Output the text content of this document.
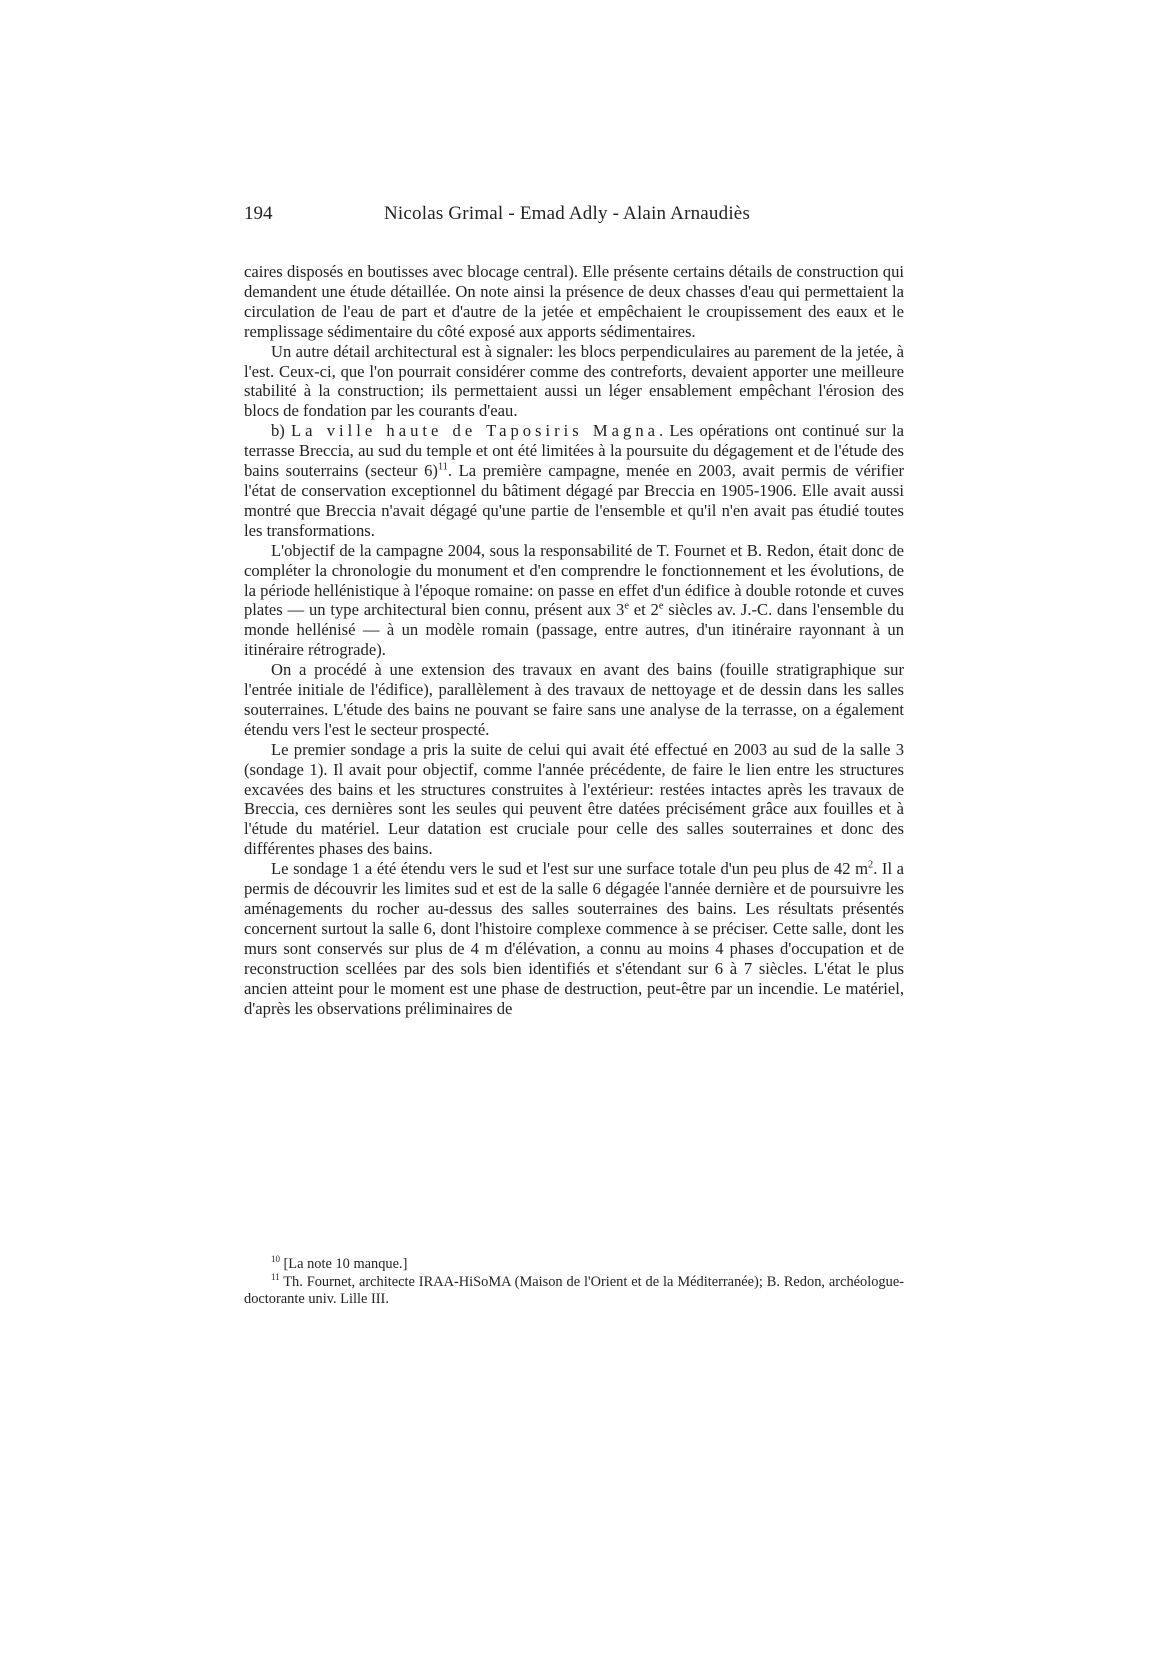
194	Nicolas Grimal - Emad Adly - Alain Arnaudiès

caires disposés en boutisses avec blocage central). Elle présente certains détails de construction qui demandent une étude détaillée. On note ainsi la présence de deux chasses d'eau qui permettaient la circulation de l'eau de part et d'autre de la jetée et empêchaient le croupissement des eaux et le remplissage sédimentaire du côté exposé aux apports sédimentaires.

Un autre détail architectural est à signaler: les blocs perpendiculaires au parement de la jetée, à l'est. Ceux-ci, que l'on pourrait considérer comme des contreforts, devaient apporter une meilleure stabilité à la construction; ils permettaient aussi un léger ensablement empêchant l'érosion des blocs de fondation par les courants d'eau.

b) La ville haute de Taposiris Magna. Les opérations ont continué sur la terrasse Breccia, au sud du temple et ont été limitées à la poursuite du dégagement et de l'étude des bains souterrains (secteur 6)$^{11}$. La première campagne, menée en 2003, avait permis de vérifier l'état de conservation exceptionnel du bâtiment dégagé par Breccia en 1905-1906. Elle avait aussi montré que Breccia n'avait dégagé qu'une partie de l'ensemble et qu'il n'en avait pas étudié toutes les transformations.

L'objectif de la campagne 2004, sous la responsabilité de T. Fournet et B. Redon, était donc de compléter la chronologie du monument et d'en comprendre le fonctionnement et les évolutions, de la période hellénistique à l'époque romaine: on passe en effet d'un édifice à double rotonde et cuves plates — un type architectural bien connu, présent aux 3e et 2e siècles av. J.-C. dans l'ensemble du monde hellénisé — à un modèle romain (passage, entre autres, d'un itinéraire rayonnant à un itinéraire rétrograde).

On a procédé à une extension des travaux en avant des bains (fouille stratigraphique sur l'entrée initiale de l'édifice), parallèlement à des travaux de nettoyage et de dessin dans les salles souterraines. L'étude des bains ne pouvant se faire sans une analyse de la terrasse, on a également étendu vers l'est le secteur prospecté.

Le premier sondage a pris la suite de celui qui avait été effectué en 2003 au sud de la salle 3 (sondage 1). Il avait pour objectif, comme l'année précédente, de faire le lien entre les structures excavées des bains et les structures construites à l'extérieur: restées intactes après les travaux de Breccia, ces dernières sont les seules qui peuvent être datées précisément grâce aux fouilles et à l'étude du matériel. Leur datation est cruciale pour celle des salles souterraines et donc des différentes phases des bains.

Le sondage 1 a été étendu vers le sud et l'est sur une surface totale d'un peu plus de 42 $m^2$. Il a permis de découvrir les limites sud et est de la salle 6 dégagée l'année dernière et de poursuivre les aménagements du rocher au-dessus des salles souterraines des bains. Les résultats présentés concernent surtout la salle 6, dont l'histoire complexe commence à se préciser. Cette salle, dont les murs sont conservés sur plus de 4 m d'élévation, a connu au moins 4 phases d'occupation et de reconstruction scellées par des sols bien identifiés et s'étendant sur 6 à 7 siècles. L'état le plus ancien atteint pour le moment est une phase de destruction, peut-être par un incendie. Le matériel, d'après les observations préliminaires de

$^{10}$ [La note 10 manque.]

$^{11}$ Th. Fournet, architecte IRAA-HiSoMA (Maison de l'Orient et de la Méditerranée); B. Redon, archéologue-doctorante univ. Lille III.
